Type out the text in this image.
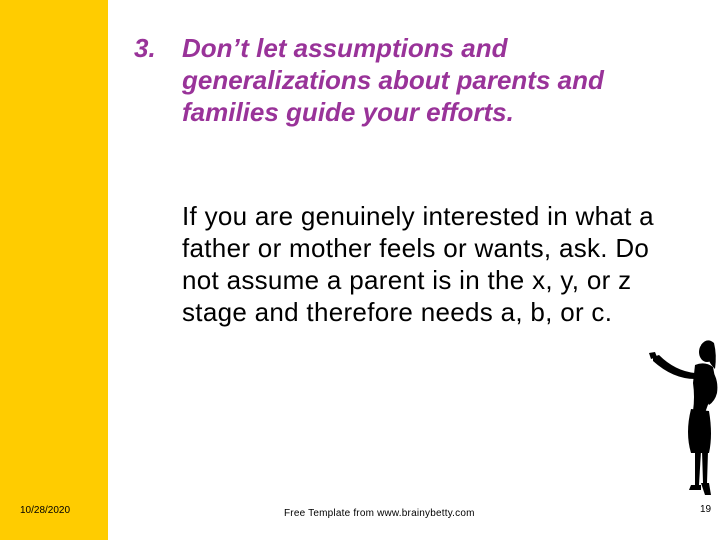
3. Don’t let assumptions and generalizations about parents and families guide your efforts.
If you are genuinely interested in what a father or mother feels or wants, ask. Do not assume a parent is in the x, y, or z stage and therefore needs a, b, or c.
10/28/2020	Free Template from www.brainybetty.com	19
